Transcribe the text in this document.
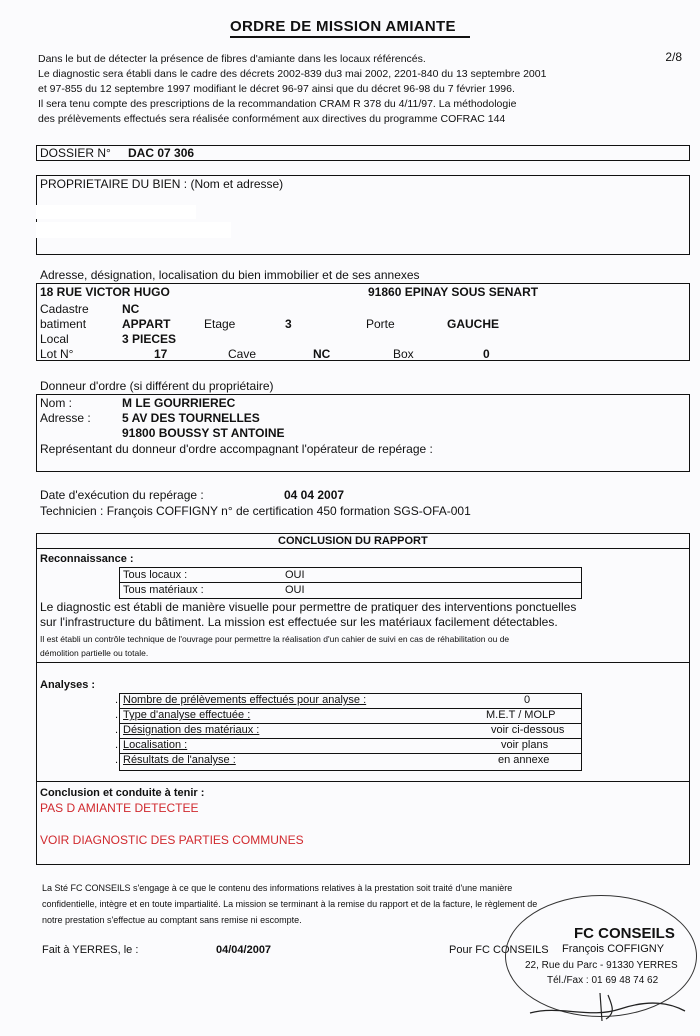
ORDRE DE MISSION AMIANTE
2/8
Dans le but de détecter la présence de fibres d'amiante dans les locaux référencés.
Le diagnostic sera établi dans le cadre des décrets 2002-839 du3 mai 2002, 2201-840 du 13 septembre 2001
et 97-855 du 12 septembre 1997 modifiant le décret 96-97 ainsi que du décret 96-98 du 7 février 1996.
Il sera tenu compte des prescriptions de la recommandation CRAM R 378 du 4/11/97. La méthodologie
des prélèvements effectués sera réalisée conformément aux directives du programme COFRAC 144
DOSSIER N° DAC 07 306
PROPRIETAIRE DU BIEN : (Nom et adresse)
Adresse, désignation, localisation du bien immobilier et de ses annexes
18 RUE VICTOR HUGO	91860 EPINAY SOUS SENART
Cadastre	NC
batiment	APPART	Etage	3	Porte	GAUCHE
Local	3 PIECES
Lot N°	17	Cave	NC	Box	0
Donneur d'ordre (si différent du propriétaire)
Nom :	M LE GOURRIEREC
Adresse :	5 AV DES TOURNELLES
91800 BOUSSY ST ANTOINE
Représentant du donneur d'ordre accompagnant l'opérateur de repérage :
Date d'exécution du repérage :	04 04 2007
Technicien : François COFFIGNY n° de certification 450 formation SGS-OFA-001
CONCLUSION DU RAPPORT
Reconnaissance :
Tous locaux :	OUI
Tous matériaux :	OUI
Le diagnostic est établi de manière visuelle pour permettre de pratiquer des interventions ponctuelles
sur l'infrastructure du bâtiment. La mission est effectuée sur les matériaux facilement détectables.
Il est établi un contrôle technique de l'ouvrage pour permettre la réalisation d'un cahier de suivi en cas de réhabilitation ou de
démolition partielle ou totale.
Analyses :
Nombre de prélèvements effectués pour analyse :	0
Type d'analyse effectuée :	M.E.T / MOLP
Désignation des matériaux :	voir ci-dessous
Localisation :	voir plans
Résultats de l'analyse :	en annexe
.
.
.
.
.
Conclusion et conduite à tenir :
PAS D AMIANTE DETECTEE
VOIR DIAGNOSTIC DES PARTIES COMMUNES
La Sté FC CONSEILS s'engage à ce que le contenu des informations relatives à la prestation soit traité d'une manière
confidentielle, intègre et en toute impartialité. La mission se terminant à la remise du rapport et de la facture, le règlement de
notre prestation s'effectue au comptant sans remise ni escompte.
Fait à YERRES, le :	04/04/2007	Pour FC CONSEILS
FC CONSEILS
François COFFIGNY
22, Rue du Parc - 91330 YERRES
Tél./Fax : 01 69 48 74 62
